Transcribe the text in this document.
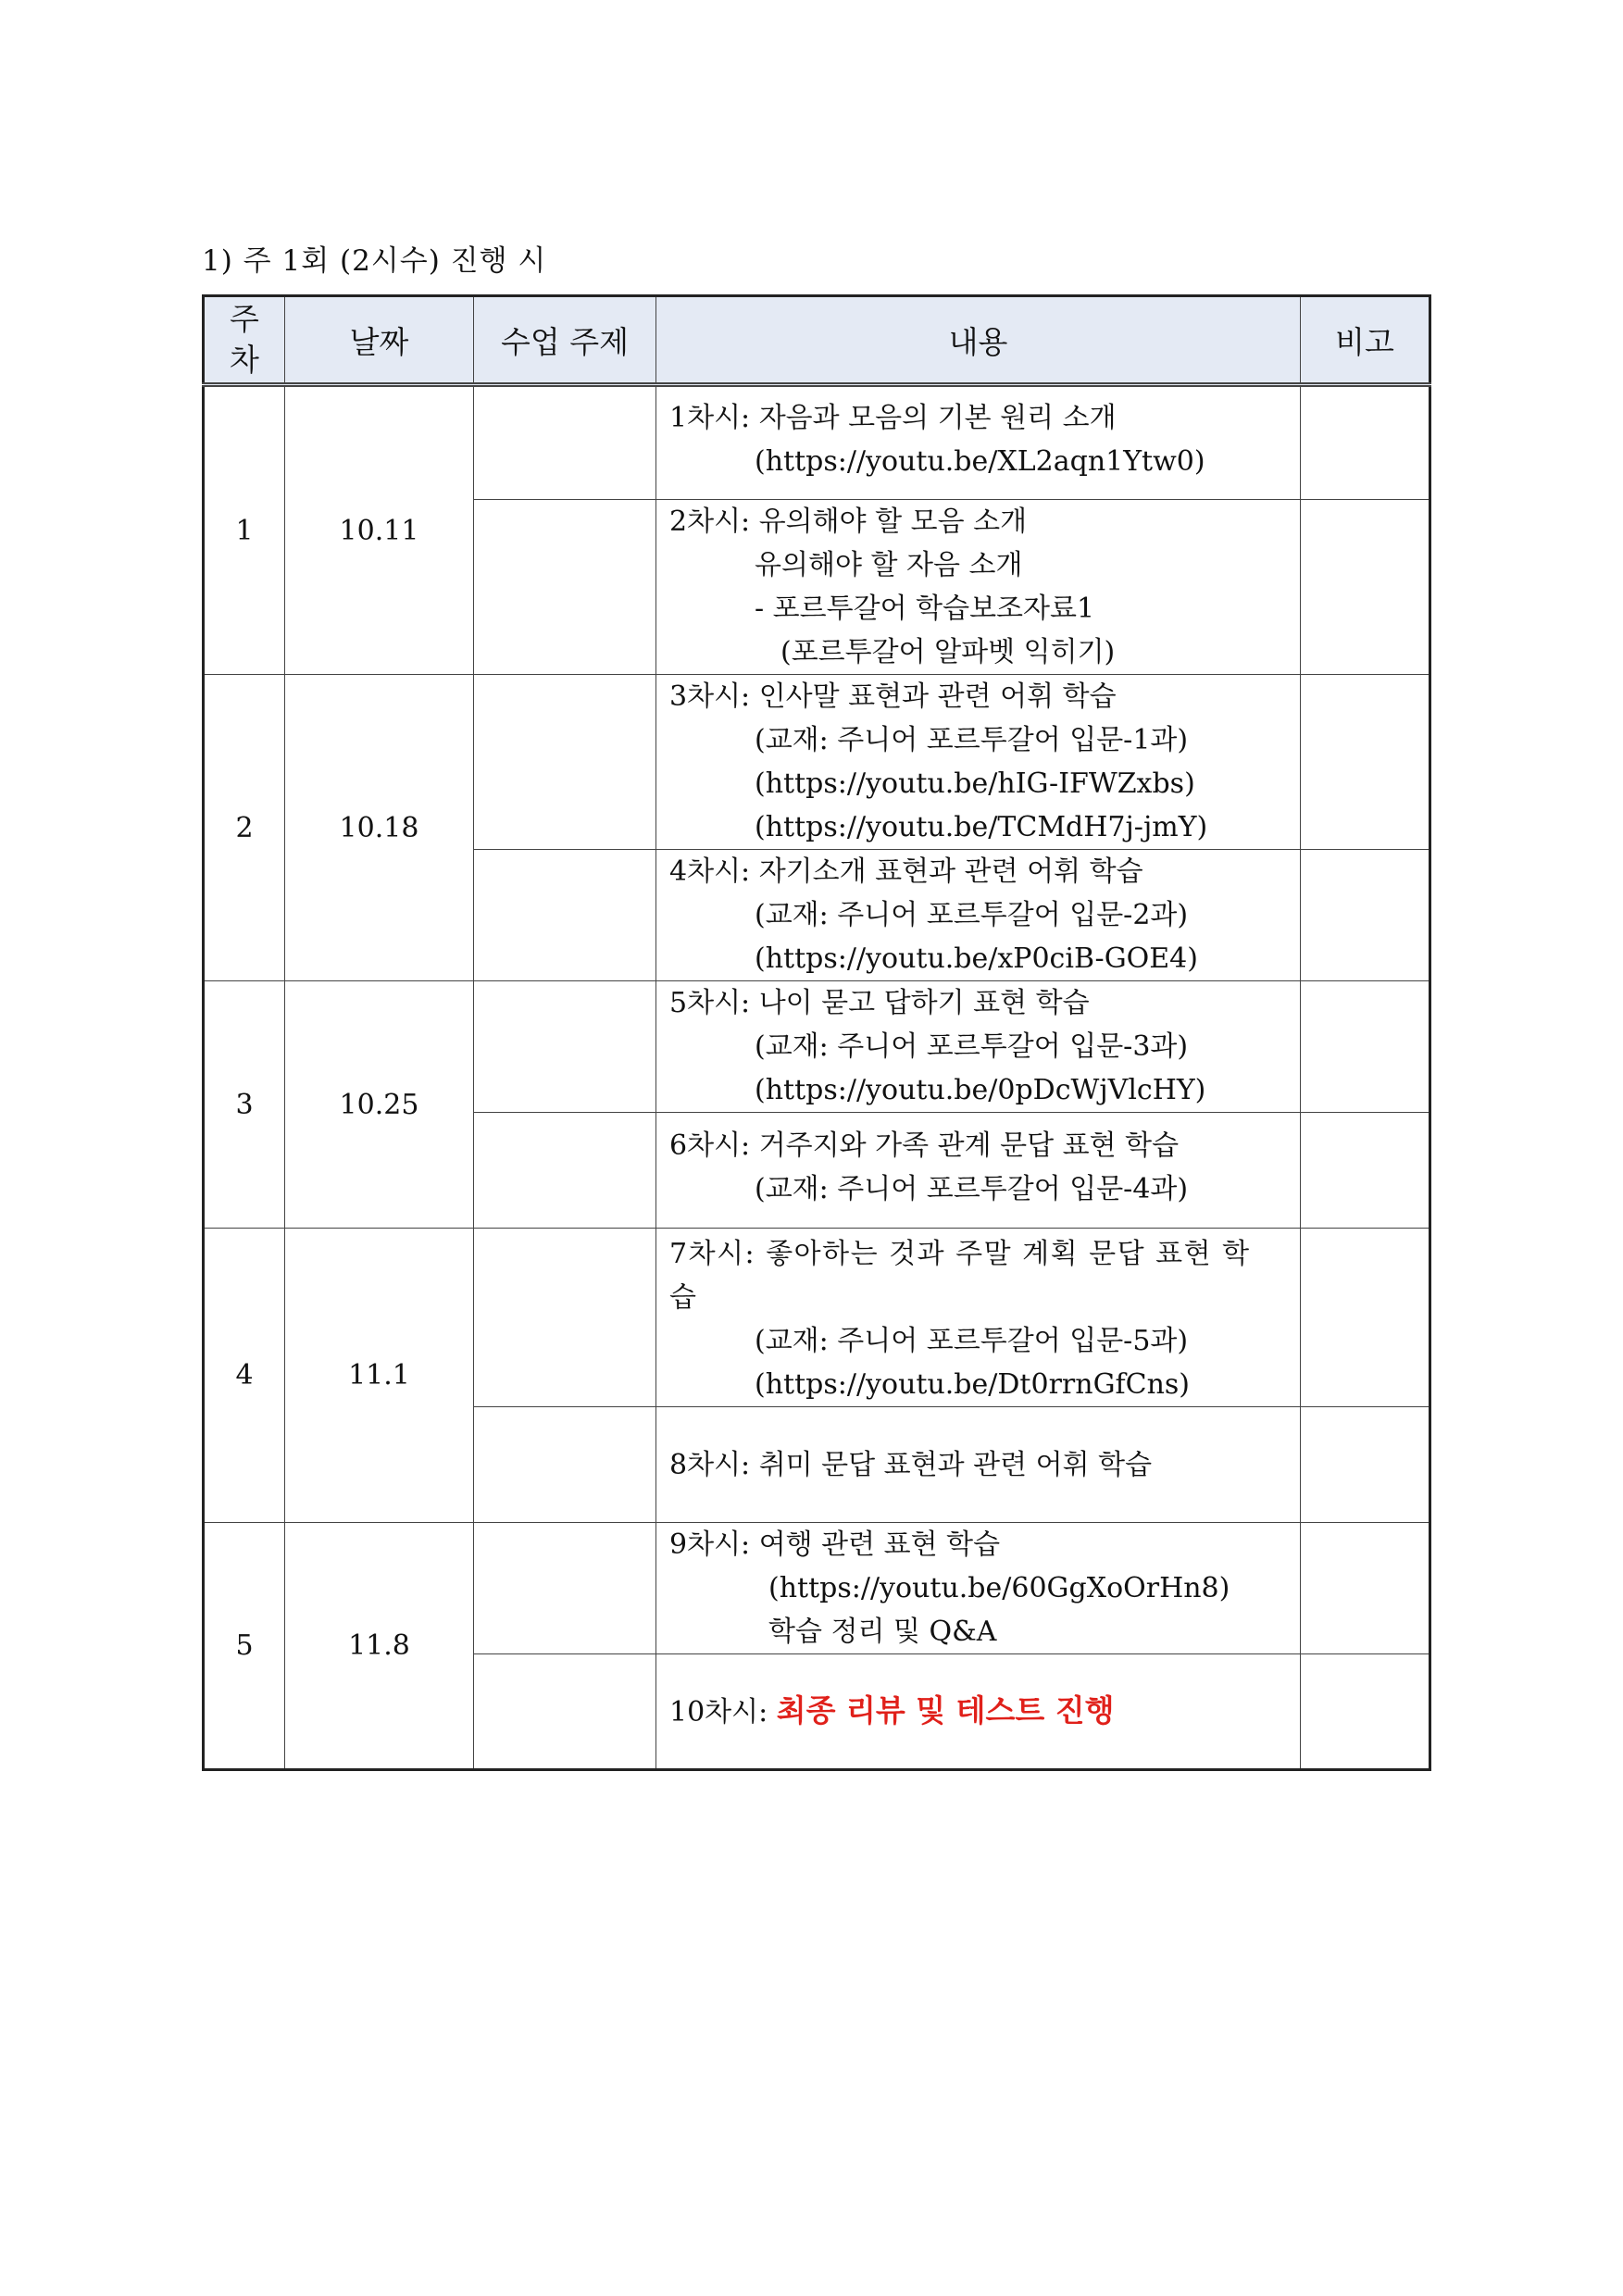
1) 주 1회 (2시수) 진행 시
주
차	날짜	수업 주제	내용	비고
1	10.11		1차시: 자음과 모음의 기본 원리 소개
(https://youtu.be/XL2aqn1Ytw0)	

			2차시: 유의해야 할 모음 소개
유의해야 할 자음 소개
- 포르투갈어 학습보조자료1
(포르투갈어 알파벳 익히기)	

2	10.18		3차시: 인사말 표현과 관련 어휘 학습
(교재: 주니어 포르투갈어 입문-1과)
(https://youtu.be/hIG-IFWZxbs)
(https://youtu.be/TCMdH7j-jmY)	

			4차시: 자기소개 표현과 관련 어휘 학습
(교재: 주니어 포르투갈어 입문-2과)
(https://youtu.be/xP0ciB-GOE4)	

3	10.25		5차시: 나이 묻고 답하기 표현 학습
(교재: 주니어 포르투갈어 입문-3과)
(https://youtu.be/0pDcWjVlcHY)	

			6차시: 거주지와 가족 관계 문답 표현 학습
(교재: 주니어 포르투갈어 입문-4과)	

4	11.1		7차시: 좋아하는 것과 주말 계획 문답 표현 학
습
(교재: 주니어 포르투갈어 입문-5과)
(https://youtu.be/Dt0rrnGfCns)	

			8차시: 취미 문답 표현과 관련 어휘 학습	

5	11.8		9차시: 여행 관련 표현 학습
(https://youtu.be/60GgXoOrHn8)
학습 정리 및 Q&A	

			10차시: 최종 리뷰 및 테스트 진행	
